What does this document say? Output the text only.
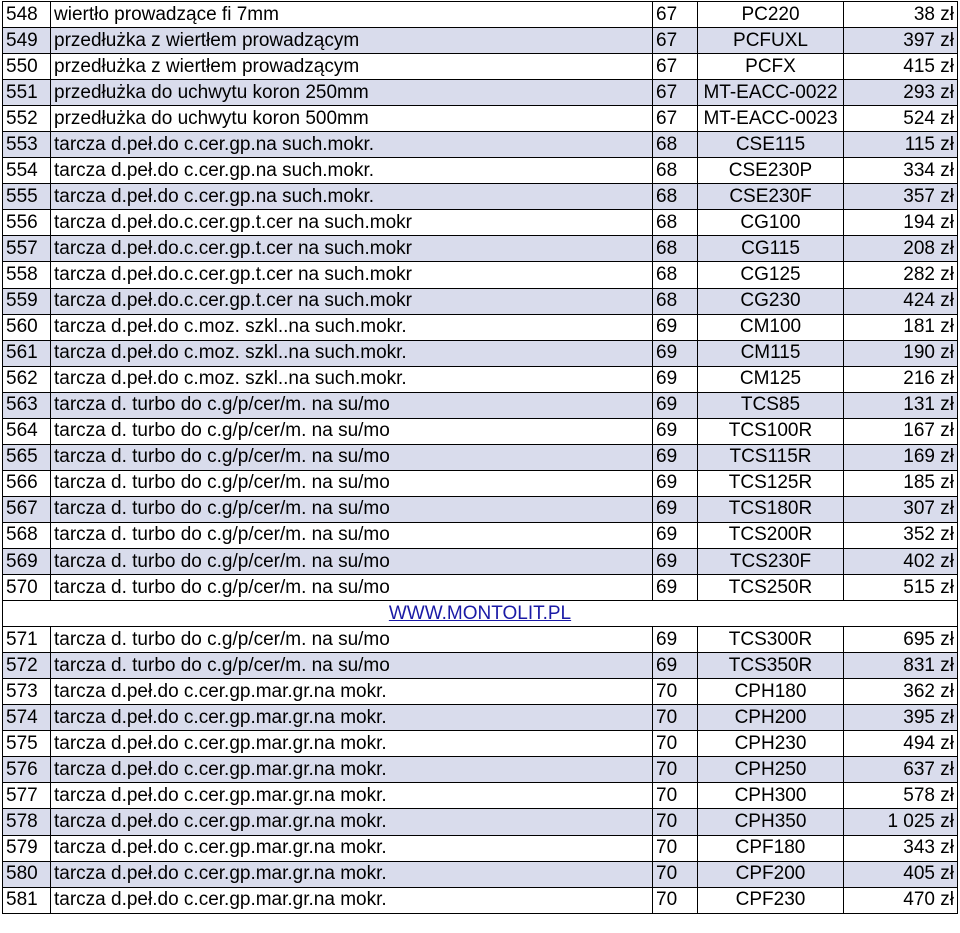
548	wiertło prowadzące fi 7mm	67	PC220	38 zł
549	przedłużka z wiertłem prowadzącym	67	PCFUXL	397 zł
550	przedłużka z wiertłem prowadzącym	67	PCFX	415 zł
551	przedłużka do uchwytu koron 250mm	67	MT-EACC-0022	293 zł
552	przedłużka do uchwytu koron 500mm	67	MT-EACC-0023	524 zł
553	tarcza d.peł.do c.cer.gp.na such.mokr.	68	CSE115	115 zł
554	tarcza d.peł.do c.cer.gp.na such.mokr.	68	CSE230P	334 zł
555	tarcza d.peł.do c.cer.gp.na such.mokr.	68	CSE230F	357 zł
556	tarcza d.peł.do.c.cer.gp.t.cer na such.mokr	68	CG100	194 zł
557	tarcza d.peł.do.c.cer.gp.t.cer na such.mokr	68	CG115	208 zł
558	tarcza d.peł.do.c.cer.gp.t.cer na such.mokr	68	CG125	282 zł
559	tarcza d.peł.do.c.cer.gp.t.cer na such.mokr	68	CG230	424 zł
560	tarcza d.peł.do c.moz. szkl..na such.mokr.	69	CM100	181 zł
561	tarcza d.peł.do c.moz. szkl..na such.mokr.	69	CM115	190 zł
562	tarcza d.peł.do c.moz. szkl..na such.mokr.	69	CM125	216 zł
563	tarcza d. turbo do c.g/p/cer/m. na su/mo	69	TCS85	131 zł
564	tarcza d. turbo do c.g/p/cer/m. na su/mo	69	TCS100R	167 zł
565	tarcza d. turbo do c.g/p/cer/m. na su/mo	69	TCS115R	169 zł
566	tarcza d. turbo do c.g/p/cer/m. na su/mo	69	TCS125R	185 zł
567	tarcza d. turbo do c.g/p/cer/m. na su/mo	69	TCS180R	307 zł
568	tarcza d. turbo do c.g/p/cer/m. na su/mo	69	TCS200R	352 zł
569	tarcza d. turbo do c.g/p/cer/m. na su/mo	69	TCS230F	402 zł
570	tarcza d. turbo do c.g/p/cer/m. na su/mo	69	TCS250R	515 zł
WWW.MONTOLIT.PL				
571	tarcza d. turbo do c.g/p/cer/m. na su/mo	69	TCS300R	695 zł
572	tarcza d. turbo do c.g/p/cer/m. na su/mo	69	TCS350R	831 zł
573	tarcza d.peł.do c.cer.gp.mar.gr.na mokr.	70	CPH180	362 zł
574	tarcza d.peł.do c.cer.gp.mar.gr.na mokr.	70	CPH200	395 zł
575	tarcza d.peł.do c.cer.gp.mar.gr.na mokr.	70	CPH230	494 zł
576	tarcza d.peł.do c.cer.gp.mar.gr.na mokr.	70	CPH250	637 zł
577	tarcza d.peł.do c.cer.gp.mar.gr.na mokr.	70	CPH300	578 zł
578	tarcza d.peł.do c.cer.gp.mar.gr.na mokr.	70	CPH350	1 025 zł
579	tarcza d.peł.do c.cer.gp.mar.gr.na mokr.	70	CPF180	343 zł
580	tarcza d.peł.do c.cer.gp.mar.gr.na mokr.	70	CPF200	405 zł
581	tarcza d.peł.do c.cer.gp.mar.gr.na mokr.	70	CPF230	470 zł
